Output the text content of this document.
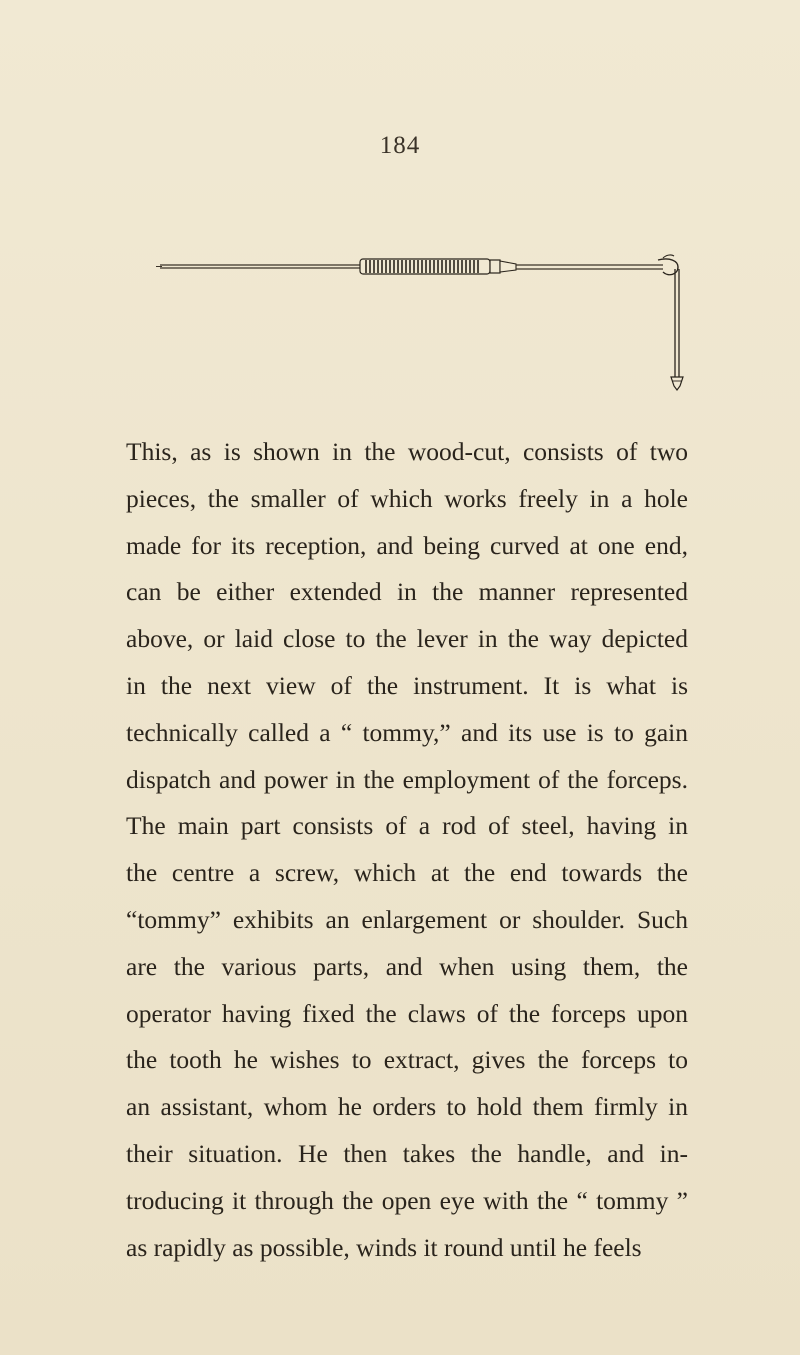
184
This, as is shown in the wood-cut, consists of two
pieces, the smaller of which works freely in a hole
made for its reception, and being curved at one end,
can be either extended in the manner represented
above, or laid close to the lever in the way depicted
in the next view of the instrument. It is what is
technically called a “ tommy,” and its use is to gain
dispatch and power in the employment of the forceps.
The main part consists of a rod of steel, having in
the centre a screw, which at the end towards the
“tommy” exhibits an enlargement or shoulder. Such
are the various parts, and when using them, the
operator having fixed the claws of the forceps upon
the tooth he wishes to extract, gives the forceps to
an assistant, whom he orders to hold them firmly in
their situation. He then takes the handle, and in-
troducing it through the open eye with the “ tommy ”
as rapidly as possible, winds it round until he feels
